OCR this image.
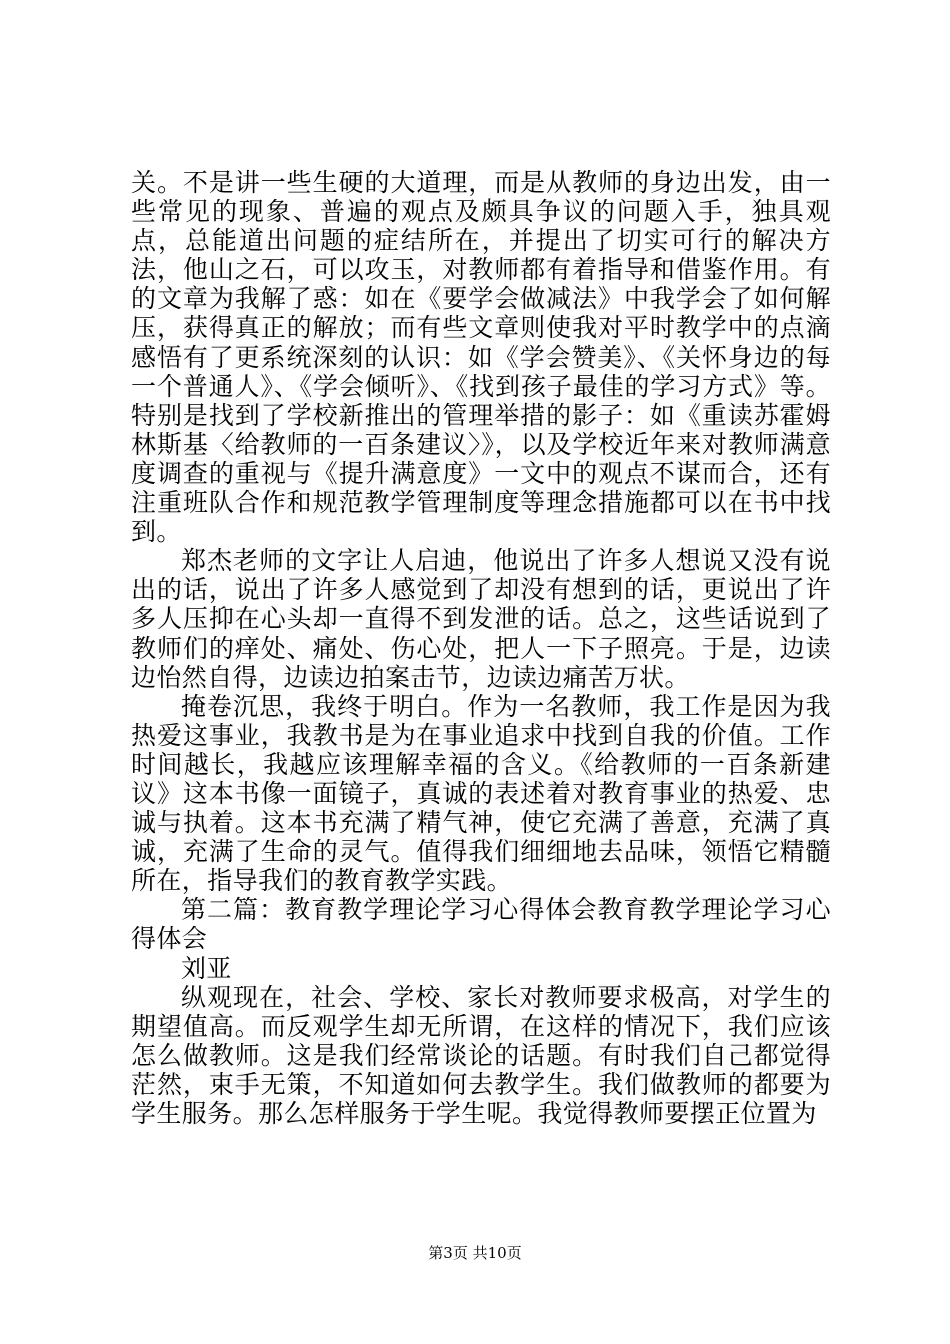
关。不是讲一些生硬的大道理，而是从教师的身边出发，由一些常见的现象、普遍的观点及颇具争议的问题入手，独具观点，总能道出问题的症结所在，并提出了切实可行的解决方法，他山之石，可以攻玉，对教师都有着指导和借鉴作用。有的文章为我解了惑：如在《要学会做减法》中我学会了如何解压，获得真正的解放；而有些文章则使我对平时教学中的点滴感悟有了更系统深刻的认识：如《学会赞美》、《关怀身边的每一个普通人》、《学会倾听》、《找到孩子最佳的学习方式》等。特别是找到了学校新推出的管理举措的影子：如《重读苏霍姆林斯基〈给教师的一百条建议〉》，以及学校近年来对教师满意度调查的重视与《提升满意度》一文中的观点不谋而合，还有注重班队合作和规范教学管理制度等理念措施都可以在书中找到。

郑杰老师的文字让人启迪，他说出了许多人想说又没有说出的话，说出了许多人感觉到了却没有想到的话，更说出了许多人压抑在心头却一直得不到发泄的话。总之，这些话说到了教师们的痒处、痛处、伤心处，把人一下子照亮。于是，边读边怡然自得，边读边拍案击节，边读边痛苦万状。

掩卷沉思，我终于明白。作为一名教师，我工作是因为我热爱这事业，我教书是为在事业追求中找到自我的价值。工作时间越长，我越应该理解幸福的含义。《给教师的一百条新建议》这本书像一面镜子，真诚的表述着对教育事业的热爱、忠诚与执着。这本书充满了精气神，使它充满了善意，充满了真诚，充满了生命的灵气。值得我们细细地去品味，领悟它精髓所在，指导我们的教育教学实践。

第二篇：教育教学理论学习心得体会教育教学理论学习心得体会

刘亚

纵观现在，社会、学校、家长对教师要求极高，对学生的期望值高。而反观学生却无所谓，在这样的情况下，我们应该怎么做教师。这是我们经常谈论的话题。有时我们自己都觉得茫然，束手无策，不知道如何去教学生。我们做教师的都要为学生服务。那么怎样服务于学生呢。我觉得教师要摆正位置为

第3页 共10页
